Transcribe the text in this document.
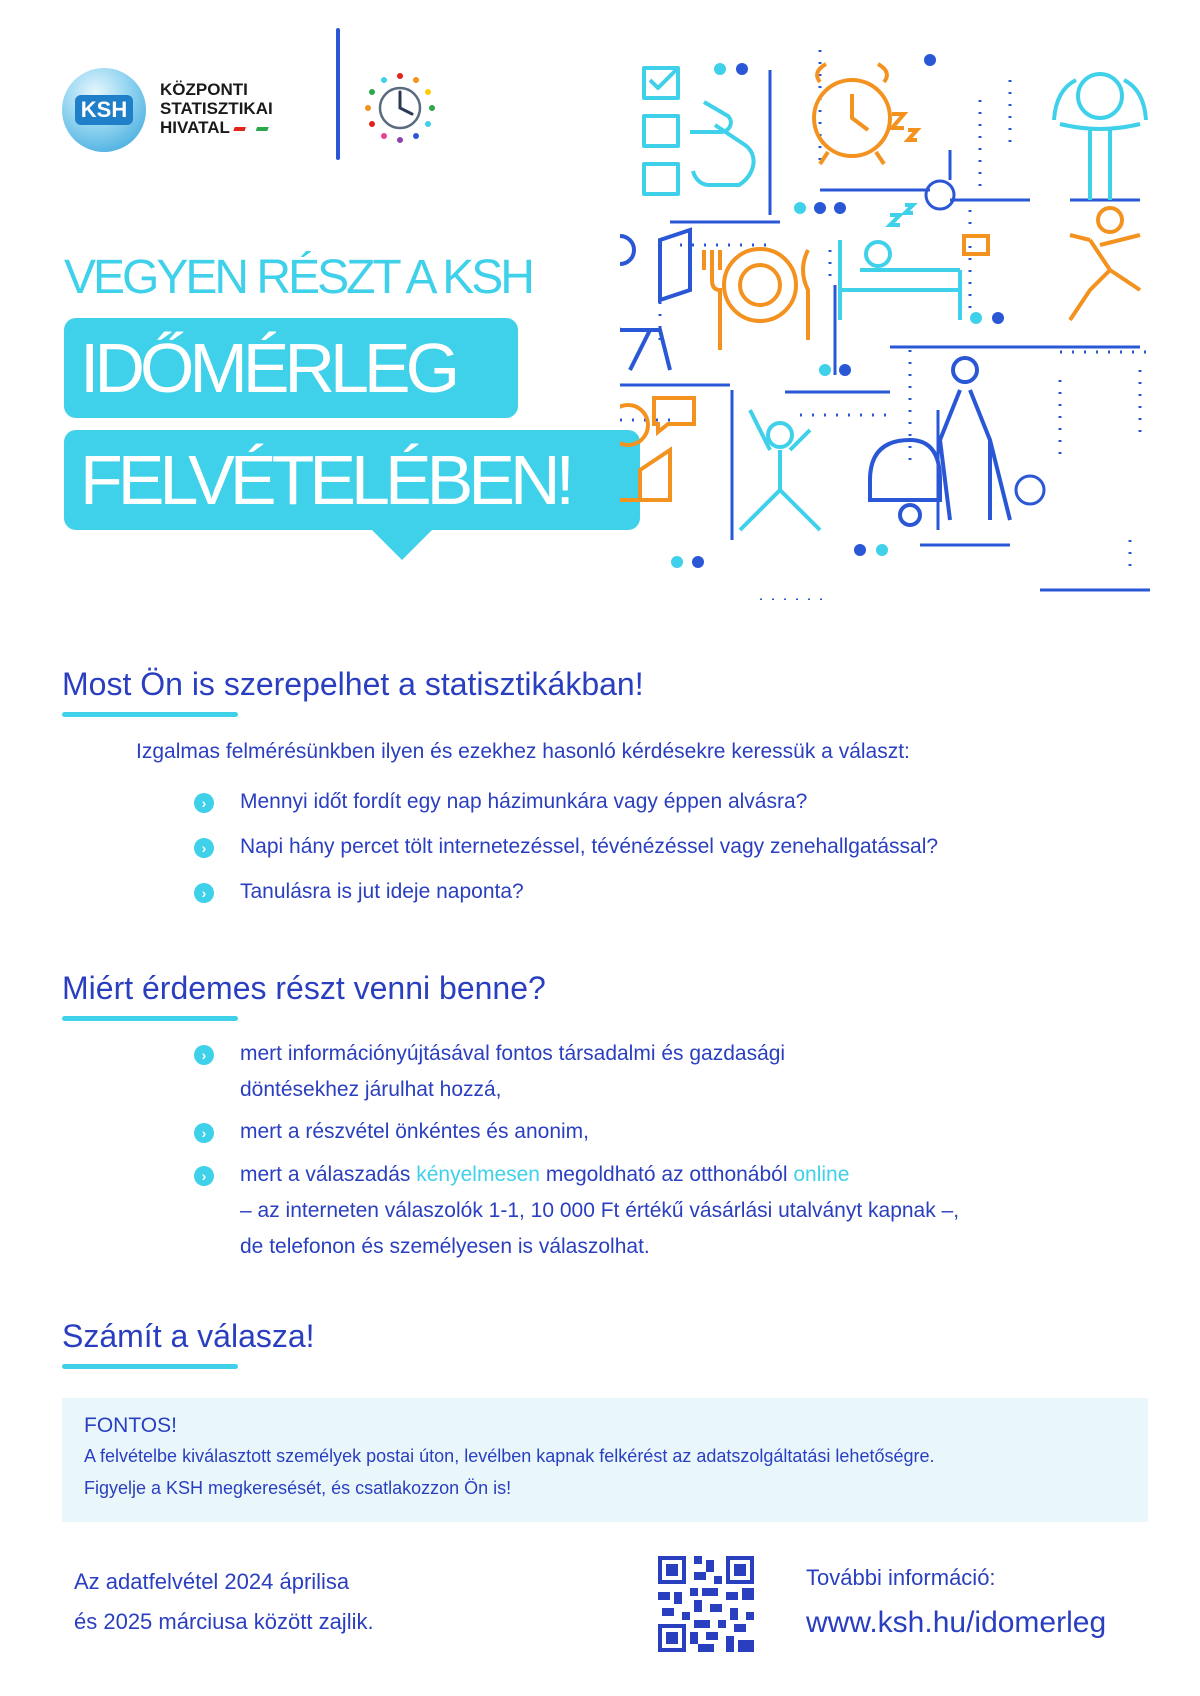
KSH
KÖZPONTI
STATISZTIKAI
HIVATAL
VEGYEN RÉSZT A KSH
IDŐMÉRLEG
FELVÉTELÉBEN!
Most Ön is szerepelhet a statisztikákban!
Izgalmas felmérésünkben ilyen és ezekhez hasonló kérdésekre keressük a választ:
›	Mennyi időt fordít egy nap házimunkára vagy éppen alvásra?
›	Napi hány percet tölt internetezéssel, tévénézéssel vagy zenehallgatással?
›	Tanulásra is jut ideje naponta?
Miért érdemes részt venni benne?
›	mert információnyújtásával fontos társadalmi és gazdasági
döntésekhez járulhat hozzá,
›	mert a részvétel önkéntes és anonim,
›	mert a válaszadás kényelmesen megoldható az otthonából online
– az interneten válaszolók 1-1, 10 000 Ft értékű vásárlási utalványt kapnak –,
de telefonon és személyesen is válaszolhat.
Számít a válasza!
FONTOS!
A felvételbe kiválasztott személyek postai úton, levélben kapnak felkérést az adatszolgáltatási lehetőségre.
Figyelje a KSH megkeresését, és csatlakozzon Ön is!
Az adatfelvétel 2024 áprilisa
és 2025 márciusa között zajlik.
További információ:
www.ksh.hu/idomerleg
